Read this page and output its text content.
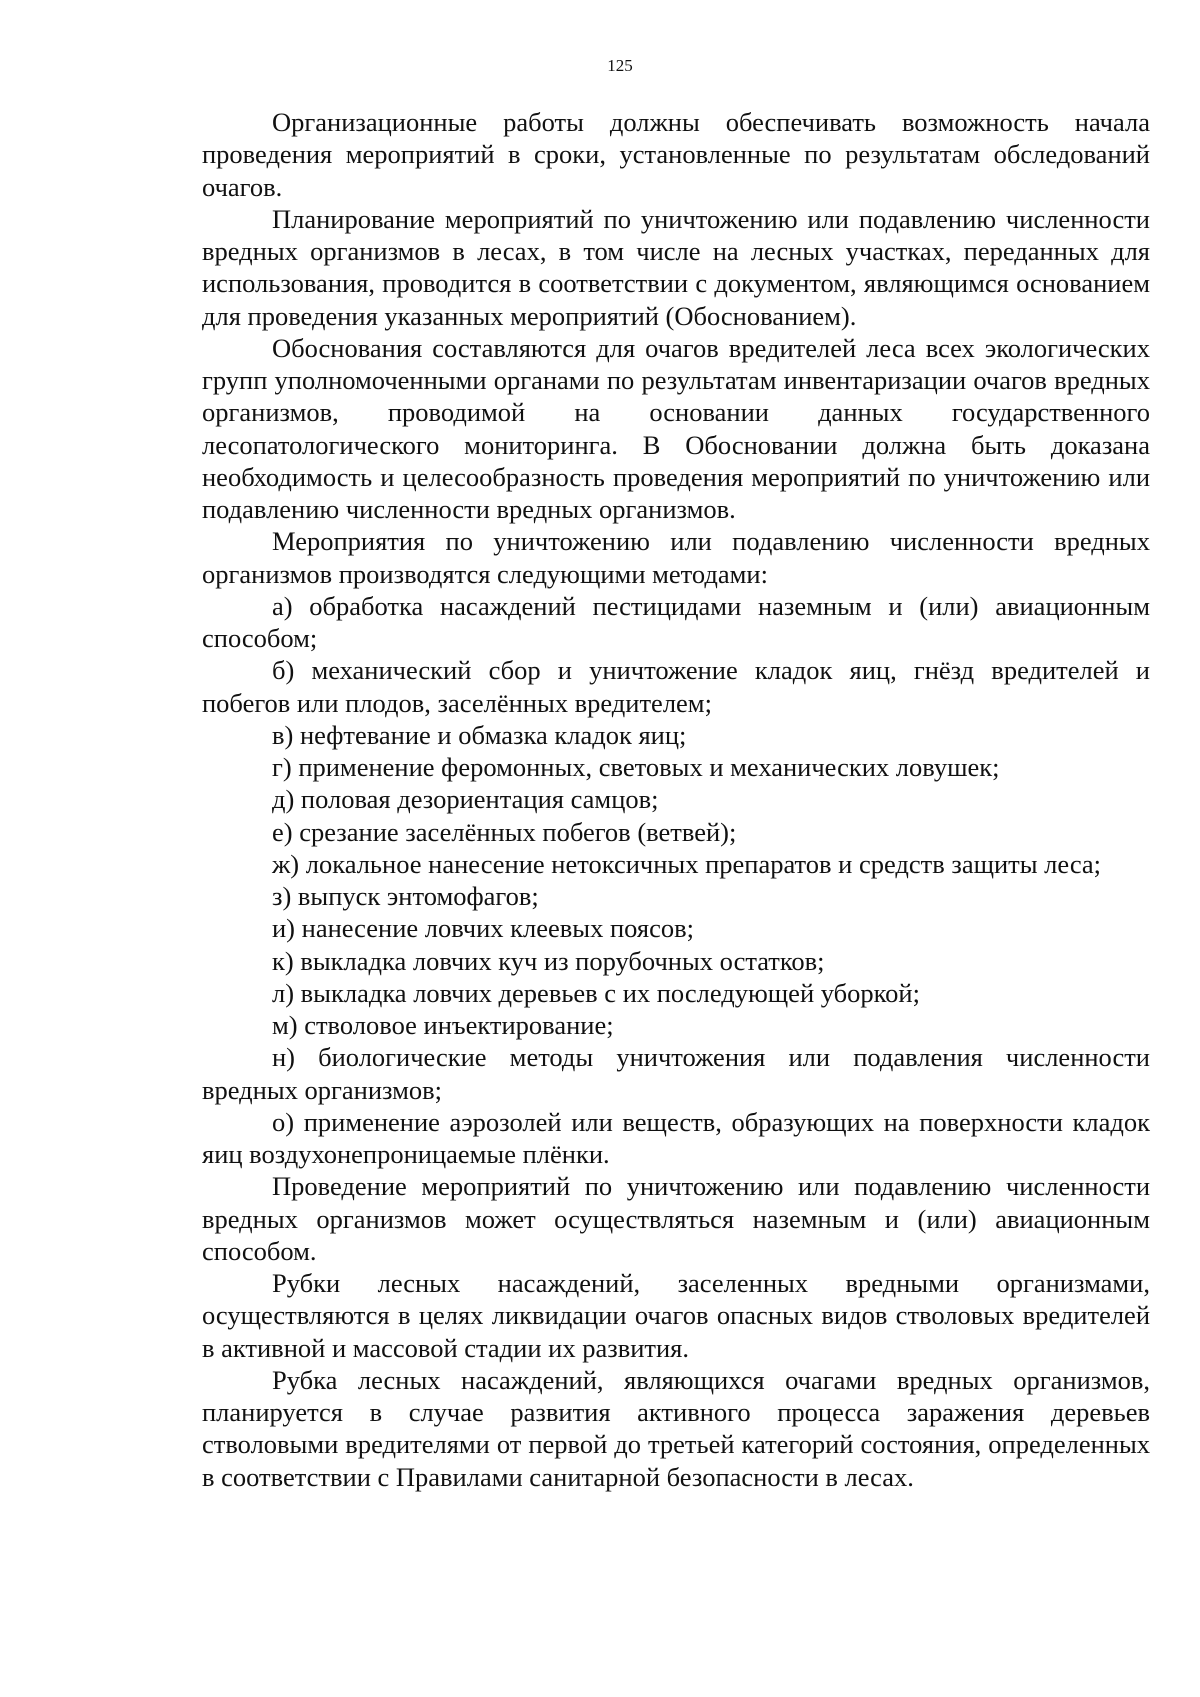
125

Организационные работы должны обеспечивать возможность начала проведения мероприятий в сроки, установленные по результатам обследований очагов.

Планирование мероприятий по уничтожению или подавлению численности вредных организмов в лесах, в том числе на лесных участках, переданных для использования, проводится в соответствии с документом, являющимся основанием для проведения указанных мероприятий (Обоснованием).

Обоснования составляются для очагов вредителей леса всех экологических групп уполномоченными органами по результатам инвентаризации очагов вредных организмов, проводимой на основании данных государственного лесопатологического мониторинга. В Обосновании должна быть доказана необходимость и целесообразность проведения мероприятий по уничтожению или подавлению численности вредных организмов.

Мероприятия по уничтожению или подавлению численности вредных организмов производятся следующими методами:

а) обработка насаждений пестицидами наземным и (или) авиационным способом;

б) механический сбор и уничтожение кладок яиц, гнёзд вредителей и побегов или плодов, заселённых вредителем;

в) нефтевание и обмазка кладок яиц;

г) применение феромонных, световых и механических ловушек;

д) половая дезориентация самцов;

е) срезание заселённых побегов (ветвей);

ж) локальное нанесение нетоксичных препаратов и средств защиты леса;

з) выпуск энтомофагов;

и) нанесение ловчих клеевых поясов;

к) выкладка ловчих куч из порубочных остатков;

л) выкладка ловчих деревьев с их последующей уборкой;

м) стволовое инъектирование;

н) биологические методы уничтожения или подавления численности вредных организмов;

о) применение аэрозолей или веществ, образующих на поверхности кладок яиц воздухонепроницаемые плёнки.

Проведение мероприятий по уничтожению или подавлению численности вредных организмов может осуществляться наземным и (или) авиационным способом.

Рубки лесных насаждений, заселенных вредными организмами, осуществляются в целях ликвидации очагов опасных видов стволовых вредителей в активной и массовой стадии их развития.

Рубка лесных насаждений, являющихся очагами вредных организмов, планируется в случае развития активного процесса заражения деревьев стволовыми вредителями от первой до третьей категорий состояния, определенных в соответствии с Правилами санитарной безопасности в лесах.
